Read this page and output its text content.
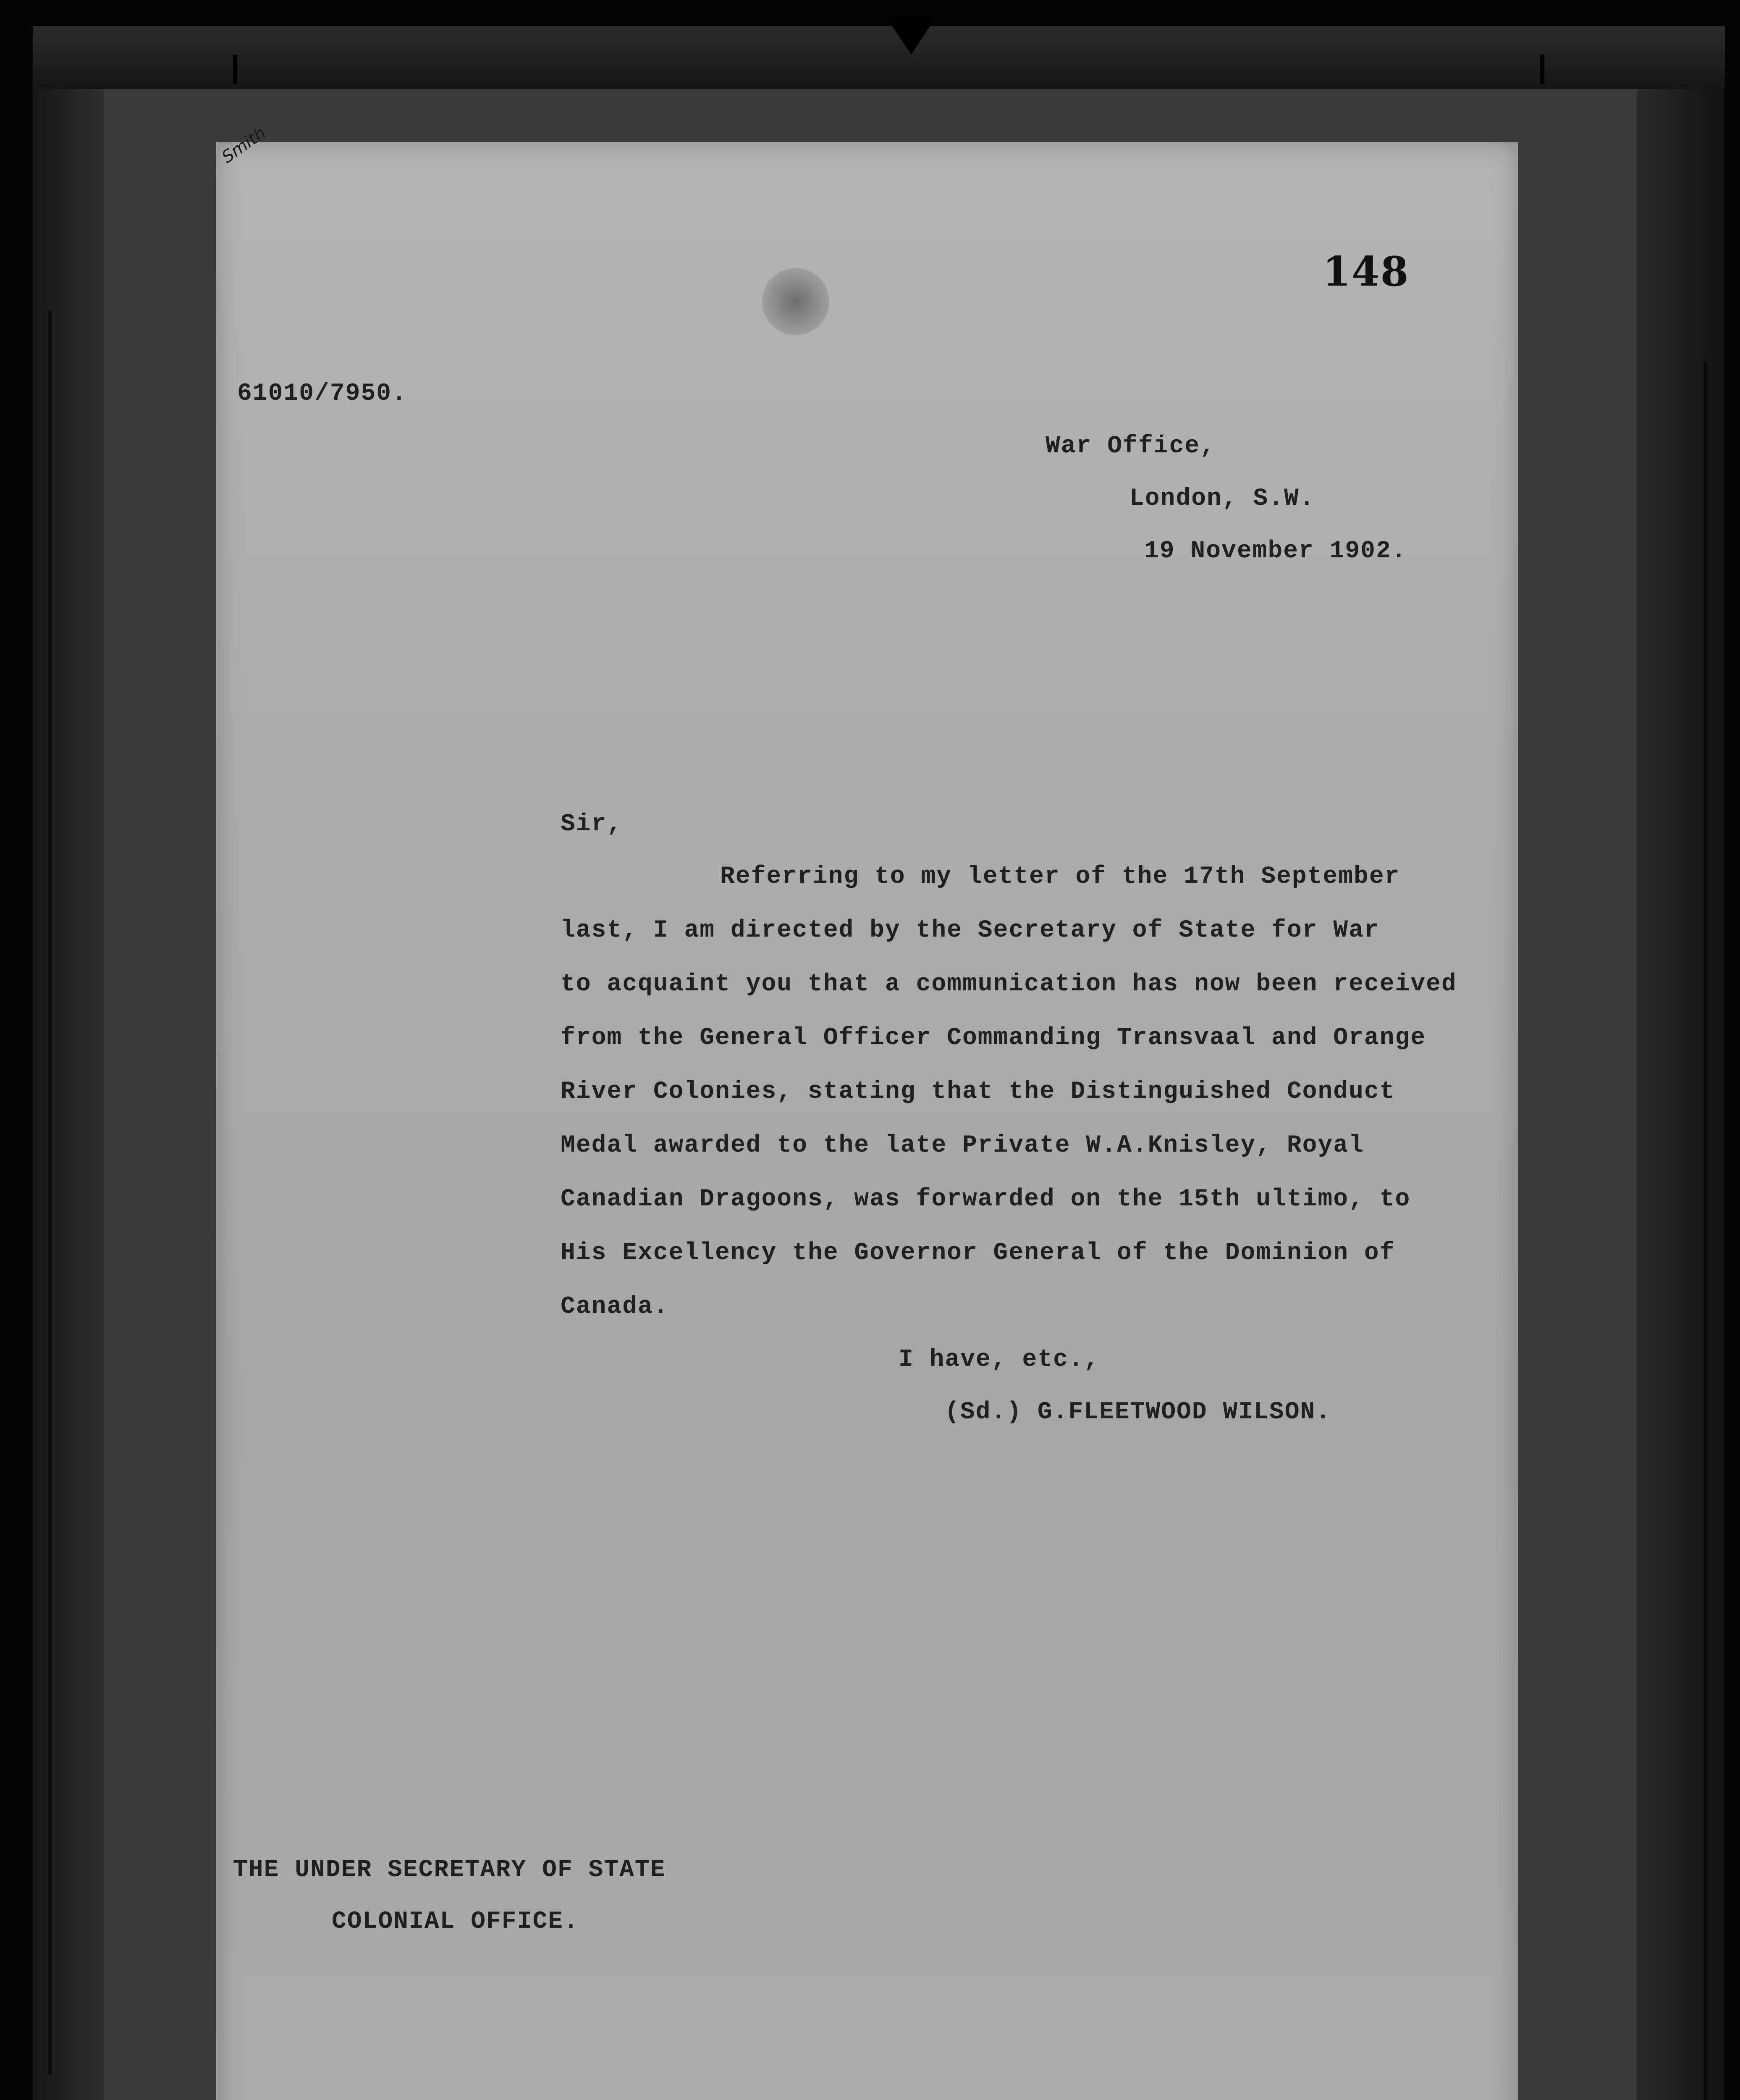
Smith
148
61010/7950.
War Office,
London, S.W.
19 November 1902.
Sir,
Referring to my letter of the 17th September
last, I am directed by the Secretary of State for War
to acquaint you that a communication has now been received
from the General Officer Commanding Transvaal and Orange
River Colonies, stating that the Distinguished Conduct
Medal awarded to the late Private W.A.Knisley, Royal
Canadian Dragoons, was forwarded on the 15th ultimo, to
His Excellency the Governor General of the Dominion of
Canada.
I have, etc.,
(Sd.) G.FLEETWOOD WILSON.
THE UNDER SECRETARY OF STATE
COLONIAL OFFICE.
